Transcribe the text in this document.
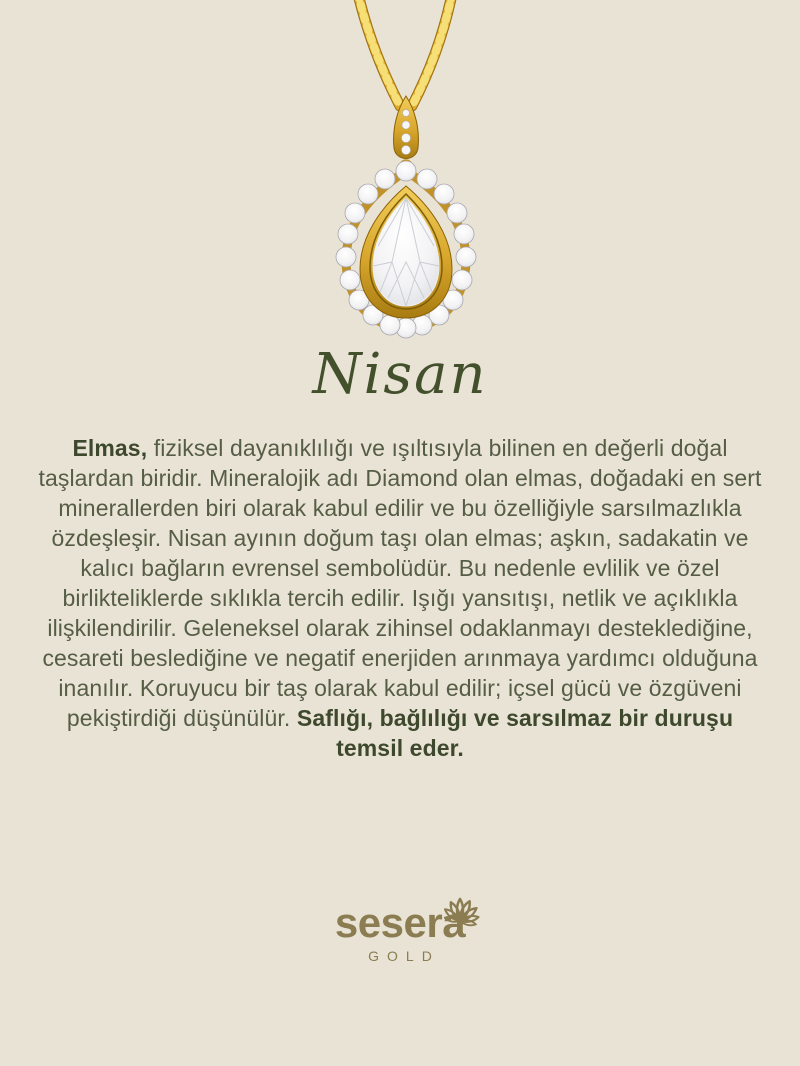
Nisan

Elmas, fiziksel dayanıklılığı ve ışıltısıyla bilinen en değerli doğal taşlardan biridir. Mineralojik adı Diamond olan elmas, doğadaki en sert minerallerden biri olarak kabul edilir ve bu özelliğiyle sarsılmazlıkla özdeşleşir. Nisan ayının doğum taşı olan elmas; aşkın, sadakatin ve kalıcı bağların evrensel sembolüdür. Bu nedenle evlilik ve özel birlikteliklerde sıklıkla tercih edilir. Işığı yansıtışı, netlik ve açıklıkla ilişkilendirilir. Geleneksel olarak zihinsel odaklanmayı desteklediğine, cesareti beslediğine ve negatif enerjiden arınmaya yardımcı olduğuna inanılır. Koruyucu bir taş olarak kabul edilir; içsel gücü ve özgüveni pekiştirdiği düşünülür. Saflığı, bağlılığı ve sarsılmaz bir duruşu temsil eder.

sesera
GOLD
